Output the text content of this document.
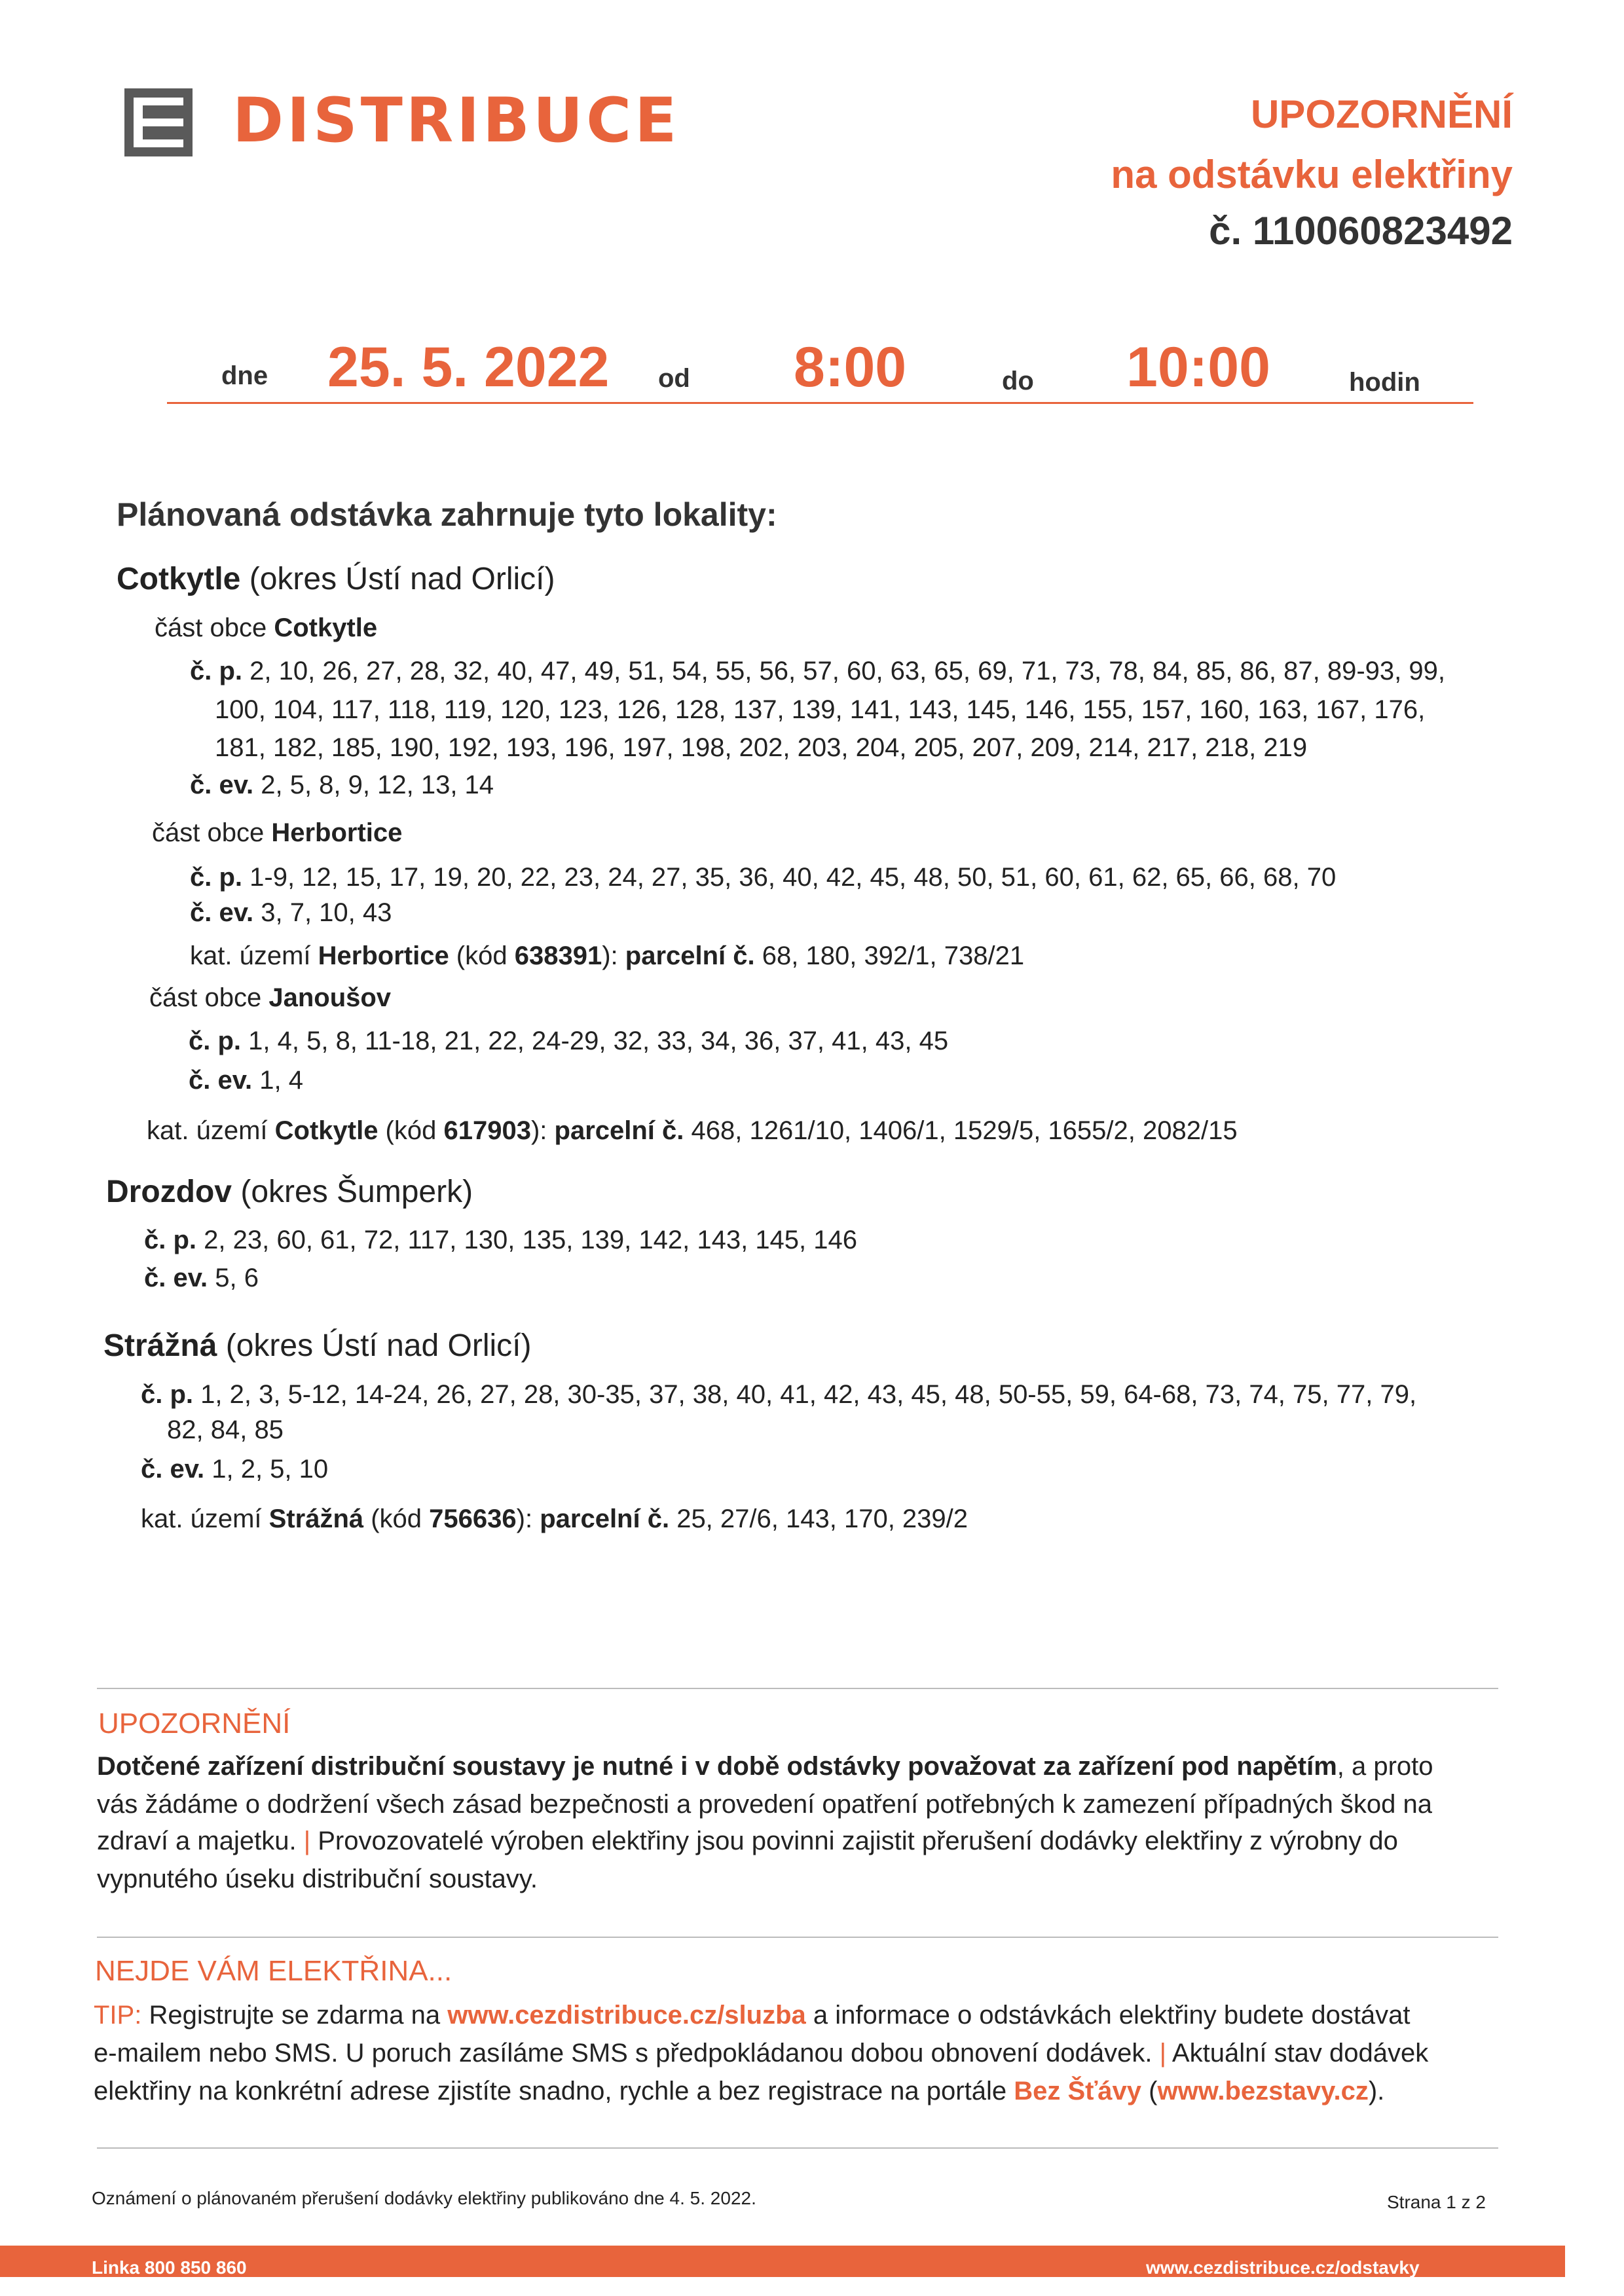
DISTRIBUCE	UPOZORNĚNÍ
na odstávku elektřiny
č. 110060823492
dne 25. 5. 2022 od 8:00	do 10:00	hodin
Plánovaná odstávka zahrnuje tyto lokality:
Cotkytle (okres Ústí nad Orlicí)
část obce Cotkytle
č. p. 2, 10, 26, 27, 28, 32, 40, 47, 49, 51, 54, 55, 56, 57, 60, 63, 65, 69, 71, 73, 78, 84, 85, 86, 87, 89-93, 99,
100, 104, 117, 118, 119, 120, 123, 126, 128, 137, 139, 141, 143, 145, 146, 155, 157, 160, 163, 167, 176,
181, 182, 185, 190, 192, 193, 196, 197, 198, 202, 203, 204, 205, 207, 209, 214, 217, 218, 219
č. ev. 2, 5, 8, 9, 12, 13, 14
část obce Herbortice
č. p. 1-9, 12, 15, 17, 19, 20, 22, 23, 24, 27, 35, 36, 40, 42, 45, 48, 50, 51, 60, 61, 62, 65, 66, 68, 70
č. ev. 3, 7, 10, 43
kat. území Herbortice (kód 638391): parcelní č. 68, 180, 392/1, 738/21
část obce Janoušov
č. p. 1, 4, 5, 8, 11-18, 21, 22, 24-29, 32, 33, 34, 36, 37, 41, 43, 45
č. ev. 1, 4
kat. území Cotkytle (kód 617903): parcelní č. 468, 1261/10, 1406/1, 1529/5, 1655/2, 2082/15
Drozdov (okres Šumperk)
č. p. 2, 23, 60, 61, 72, 117, 130, 135, 139, 142, 143, 145, 146
č. ev. 5, 6
Strážná (okres Ústí nad Orlicí)
č. p. 1, 2, 3, 5-12, 14-24, 26, 27, 28, 30-35, 37, 38, 40, 41, 42, 43, 45, 48, 50-55, 59, 64-68, 73, 74, 75, 77, 79,
82, 84, 85
č. ev. 1, 2, 5, 10
kat. území Strážná (kód 756636): parcelní č. 25, 27/6, 143, 170, 239/2
UPOZORNĚNÍ
Dotčené zařízení distribuční soustavy je nutné i v době odstávky považovat za zařízení pod napětím, a proto
vás žádáme o dodržení všech zásad bezpečnosti a provedení opatření potřebných k zamezení případných škod na
zdraví a majetku. | Provozovatelé výroben elektřiny jsou povinni zajistit přerušení dodávky elektřiny z výrobny do
vypnutého úseku distribuční soustavy.
NEJDE VÁM ELEKTŘINA...
TIP: Registrujte se zdarma na www.cezdistribuce.cz/sluzba a informace o odstávkách elektřiny budete dostávat
e-mailem nebo SMS. U poruch zasíláme SMS s předpokládanou dobou obnovení dodávek. | Aktuální stav dodávek
elektřiny na konkrétní adrese zjistíte snadno, rychle a bez registrace na portále Bez Šťávy (www.bezstavy.cz).
Oznámení o plánovaném přerušení dodávky elektřiny publikováno dne 4. 5. 2022.	Strana 1 z 2
Linka 800 850 860	www.cezdistribuce.cz/odstavky
